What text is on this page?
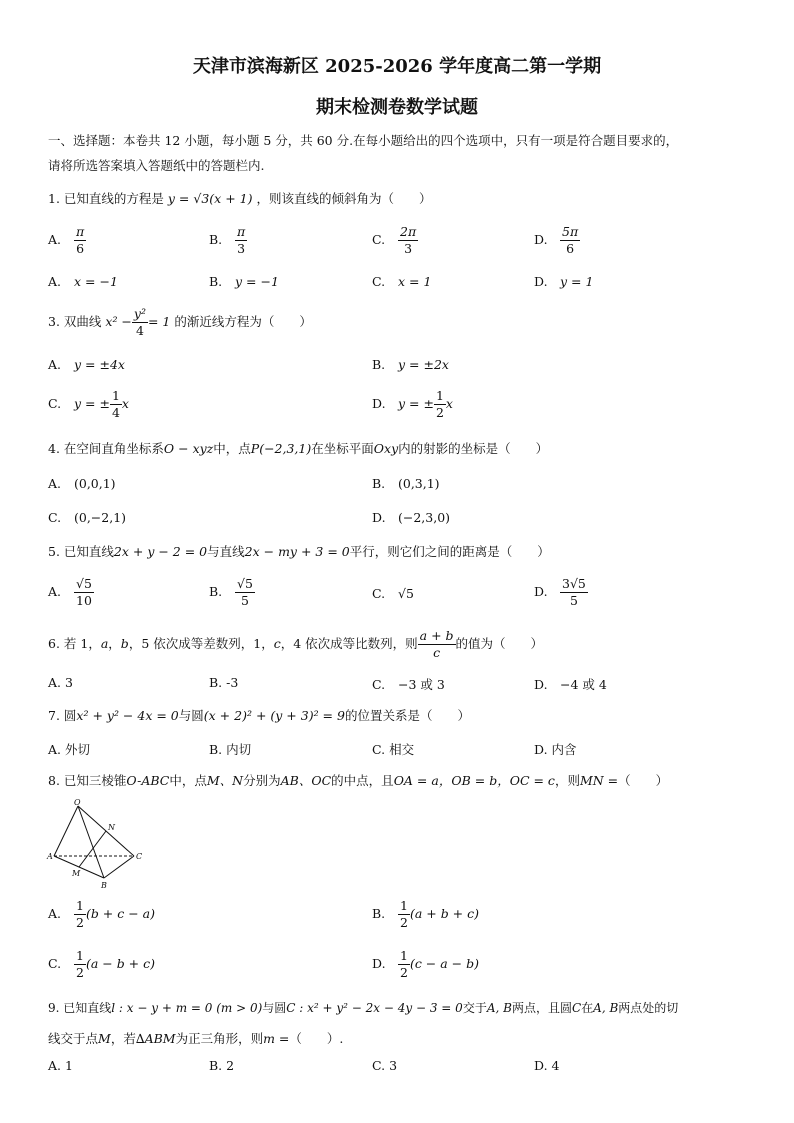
天津市滨海新区 2025-2026 学年度高二第一学期
期末检测卷数学试题
一、选择题：本卷共 12 小题，每小题 5 分，共 60 分.在每小题给出的四个选项中，只有一项是符合题目要求的，
请将所选答案填入答题纸中的答题栏内.
1. 已知直线的方程是 y = √3(x + 1) ，则该直线的倾斜角为（　　）
A. $\frac{\pi}{6}$	B. $\frac{\pi}{3}$	C. $\frac{2\pi}{3}$	D. $\frac{5\pi}{6}$
A. x = −1	B. y = −1	C. x = 1	D. y = 1
3. 双曲线 $x^2 - \frac{\text{y²}}{4} = 1$ 的渐近线方程为（　　）
A. y = ±4x	B. y = ±2x
C. y = ± $\frac{1}{4}$ x	D. y = ± $\frac{1}{2}$ x
4. 在空间直角坐标系O − xyz中，点P(−2,3,1)在坐标平面Oxy内的射影的坐标是（　　）
A. (0,0,1)	B. (0,3,1)
C. (0,−2,1)	D. (−2,3,0)
5. 已知直线2x + y − 2 = 0与直线2x − my + 3 = 0平行，则它们之间的距离是（　　）
A. $\frac{√5}{10}$	B. $\frac{√5}{5}$	C. √5	D. $\frac{3√5}{5}$
6. 若 1，a，b，5 依次成等差数列，1，c，4 依次成等比数列，则 $\frac{a + b}{c}$ 的值为（　　）
A. 3	B. -3	C. −3 或 3	D. −4 或 4
7. 圆x² + y² − 4x = 0与圆(x + 2)² + (y + 3)² = 9的位置关系是（　　）
A. 外切	B. 内切	C. 相交	D. 内含
8. 已知三棱锥O-ABC中，点M、N分别为AB、OC的中点，且OA = a，OB = b，OC = c，则MN =（　　）
O
N
A	C
M
B
A. $\frac{1}{2} (b + c - a)$	B. $\frac{1}{2} (a + b + c)$
C. $\frac{1}{2} (a - b + c)$	D. $\frac{1}{2} (c - a - b)$
9. 已知直线l : x − y + m = 0 (m > 0)与圆C : x² + y² − 2x − 4y − 3 = 0交于A, B两点，且圆C在A, B两点处的切
线交于点M，若∆ABM为正三角形，则m =（　　）.
A. 1	B. 2	C. 3	D. 4
